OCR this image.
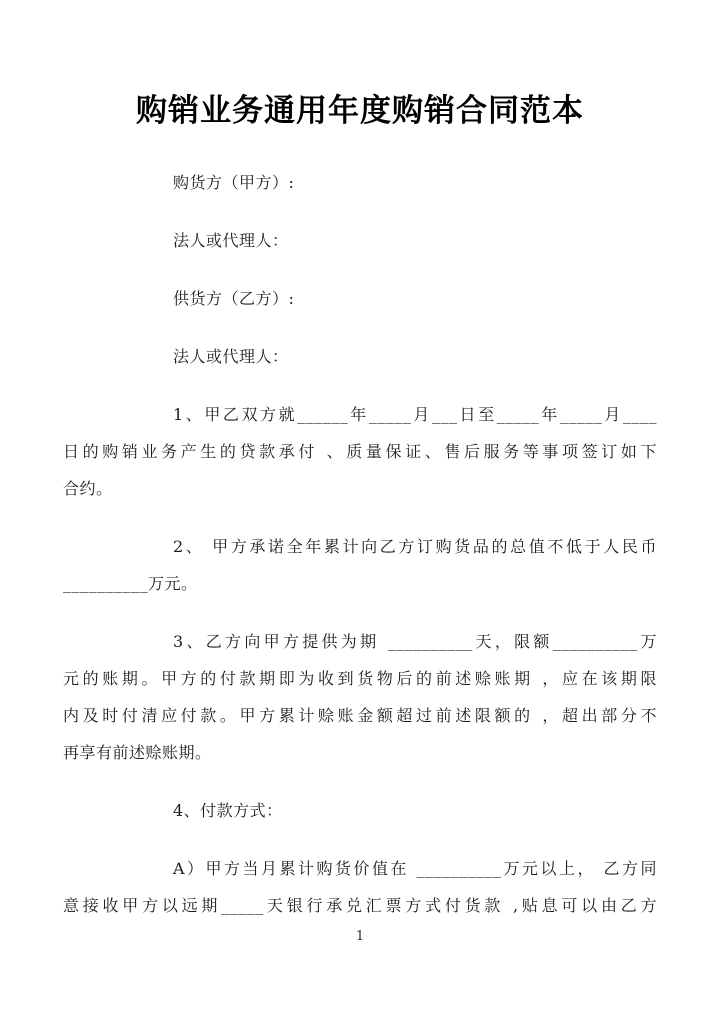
购销业务通用年度购销合同范本
购货方（甲方）:
法人或代理人：
供货方（乙方）:
法人或代理人：
1、甲乙双方就______年_____月___日至_____年_____月____
日的购销业务产生的贷款承付 、质量保证、售后服务等事项签订如下
合约。
2、 甲方承诺全年累计向乙方订购货品的总值不低于人民币
__________万元。
3、乙方向甲方提供为期 __________天，限额__________万
元的账期。甲方的付款期即为收到货物后的前述赊账期 ，应在该期限
内及时付清应付款。甲方累计赊账金额超过前述限额的 ，超出部分不
再享有前述赊账期。
4、付款方式：
A）甲方当月累计购货价值在 __________万元以上， 乙方同
意接收甲方以远期_____天银行承兑汇票方式付货款 ,贴息可以由乙方
1
